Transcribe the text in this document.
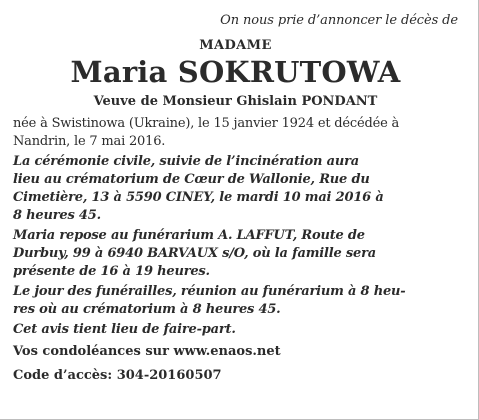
On nous prie d’annoncer le décès de
MADAME
Maria SOKRUTOWA
Veuve de Monsieur Ghislain PONDANT
née à Swistinowa (Ukraine), le 15 janvier 1924 et décédée à
Nandrin, le 7 mai 2016.
La cérémonie civile, suivie de l’incinération aura
lieu au crématorium de Cœur de Wallonie, Rue du
Cimetière, 13 à 5590 CINEY, le mardi 10 mai 2016 à
8 heures 45.
Maria repose au funérarium A. LAFFUT, Route de
Durbuy, 99 à 6940 BARVAUX s/O, où la famille sera
présente de 16 à 19 heures.
Le jour des funérailles, réunion au funérarium à 8 heu-
res où au crématorium à 8 heures 45.
Cet avis tient lieu de faire-part.
Vos condoléances sur www.enaos.net
Code d’accès: 304-20160507
